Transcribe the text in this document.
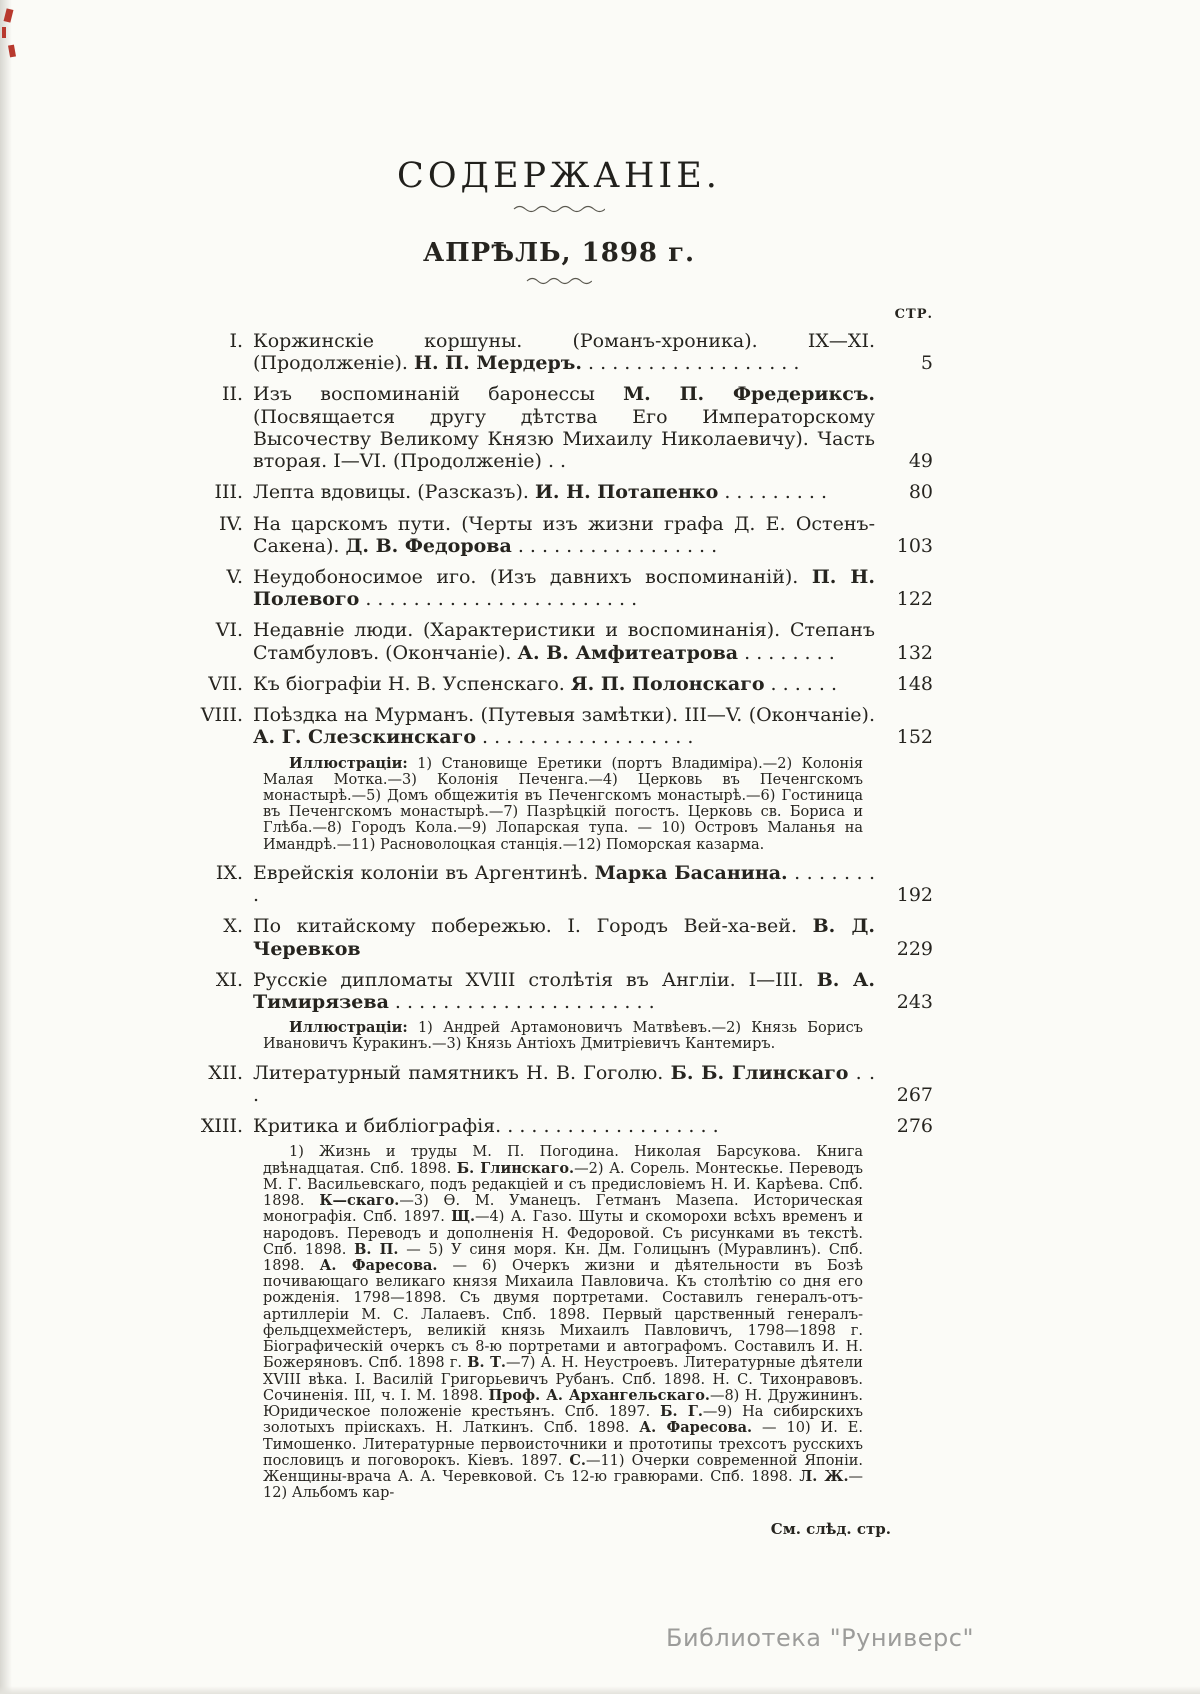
СОДЕРЖАНІЕ.
АПРѢЛЬ, 1898 г.
СТР.
I. Коржинскіе коршуны. (Романъ-хроника). IX—XI. (Продолженіе). Н. П. Мердеръ. . . . . . . . . . . . . . . . . . .	5
II. Изъ воспоминаній баронессы М. П. Фредериксъ. (Посвящается другу дѣтства Его Императорскому Высочеству Великому Князю Михаилу Николаевичу). Часть вторая. I—VI. (Продолженіе) . .	49
III. Лепта вдовицы. (Разсказъ). И. Н. Потапенко . . . . . . . . .	80
IV. На царскомъ пути. (Черты изъ жизни графа Д. Е. Остенъ-Сакена). Д. В. Федорова . . . . . . . . . . . . . . . . .	103
V. Неудобоносимое иго. (Изъ давнихъ воспоминаній). П. Н. Полевого . . . . . . . . . . . . . . . . . . . . . . .	122
VI. Недавніе люди. (Характеристики и воспоминанія). Степанъ Стамбуловъ. (Окончаніе). А. В. Амфитеатрова . . . . . . . .	132
VII. Къ біографіи Н. В. Успенскаго. Я. П. Полонскаго . . . . . .	148
VIII. Поѣздка на Мурманъ. (Путевыя замѣтки). III—V. (Окончаніе). А. Г. Слезскинскаго . . . . . . . . . . . . . . . . . .	152
Иллюстраціи: 1) Становище Еретики (портъ Владиміра).—2) Колонія Малая Мотка.—3) Колонія Печенга.—4) Церковь въ Печенгскомъ монастырѣ.—5) Домъ общежитія въ Печенгскомъ монастырѣ.—6) Гостиница въ Печенгскомъ монастырѣ.—7) Пазрѣцкій погостъ. Церковь св. Бориса и Глѣба.—8) Городъ Кола.—9) Лопарская тупа. — 10) Островъ Маланья на Имандрѣ.—11) Расноволоцкая станція.—12) Поморская казарма.
IX. Еврейскія колоніи въ Аргентинѣ. Марка Басанина. . . . . . . . .	192
X. По китайскому побережью. I. Городъ Вей-ха-вей. В. Д. Черевков	229
XI. Русскіе дипломаты XVIII столѣтія въ Англіи. I—III. В. А. Тимирязева . . . . . . . . . . . . . . . . . . . . . .	243
Иллюстраціи: 1) Андрей Артамоновичъ Матвѣевъ.—2) Князь Борисъ Ивановичъ Куракинъ.—3) Князь Антіохъ Дмитріевичъ Кантемиръ.
XII. Литературный памятникъ Н. В. Гоголю. Б. Б. Глинскаго . . .	267
XIII. Критика и библіографія. . . . . . . . . . . . . . . . . . .	276
1) Жизнь и труды М. П. Погодина. Николая Барсукова. Книга двѣнадцатая. Спб. 1898. Б. Глинскаго.—2) А. Сорель. Монтескье. Переводъ М. Г. Васильевскаго, подъ редакціей и съ предисловіемъ Н. И. Карѣева. Спб. 1898. К—скаго.—3) Ѳ. М. Уманецъ. Гетманъ Мазепа. Историческая монографія. Спб. 1897. Щ.—4) А. Газо. Шуты и скоморохи всѣхъ временъ и народовъ. Переводъ и дополненія Н. Федоровой. Съ рисунками въ текстѣ. Спб. 1898. В. П. — 5) У синя моря. Кн. Дм. Голицынъ (Муравлинъ). Спб. 1898. А. Фаресова. — 6) Очеркъ жизни и дѣятельности въ Бозѣ почивающаго великаго князя Михаила Павловича. Къ столѣтію со дня его рожденія. 1798—1898. Съ двумя портретами. Составилъ генералъ-отъ-артиллеріи М. С. Лалаевъ. Спб. 1898. Первый царственный генералъ-фельдцехмейстеръ, великій князь Михаилъ Павловичъ, 1798—1898 г. Біографическій очеркъ съ 8-ю портретами и автографомъ. Составилъ И. Н. Божеряновъ. Спб. 1898 г. В. Т.—7) А. Н. Неустроевъ. Литературные дѣятели XVIII вѣка. I. Василій Григорьевичъ Рубанъ. Спб. 1898. Н. С. Тихонравовъ. Сочиненія. III, ч. I. М. 1898. Проф. А. Архангельскаго.—8) Н. Дружининъ. Юридическое положеніе крестьянъ. Спб. 1897. Б. Г.—9) На сибирскихъ золотыхъ пріискахъ. Н. Латкинъ. Спб. 1898. А. Фаресова. — 10) И. Е. Тимошенко. Литературные первоисточники и прототипы трехсотъ русскихъ пословицъ и поговорокъ. Кіевъ. 1897. С.—11) Очерки современной Японіи. Женщины-врача А. А. Черевковой. Съ 12-ю гравюрами. Спб. 1898. Л. Ж.—12) Альбомъ кар-
См. слѣд. стр.
Библиотека "Руниверс"
